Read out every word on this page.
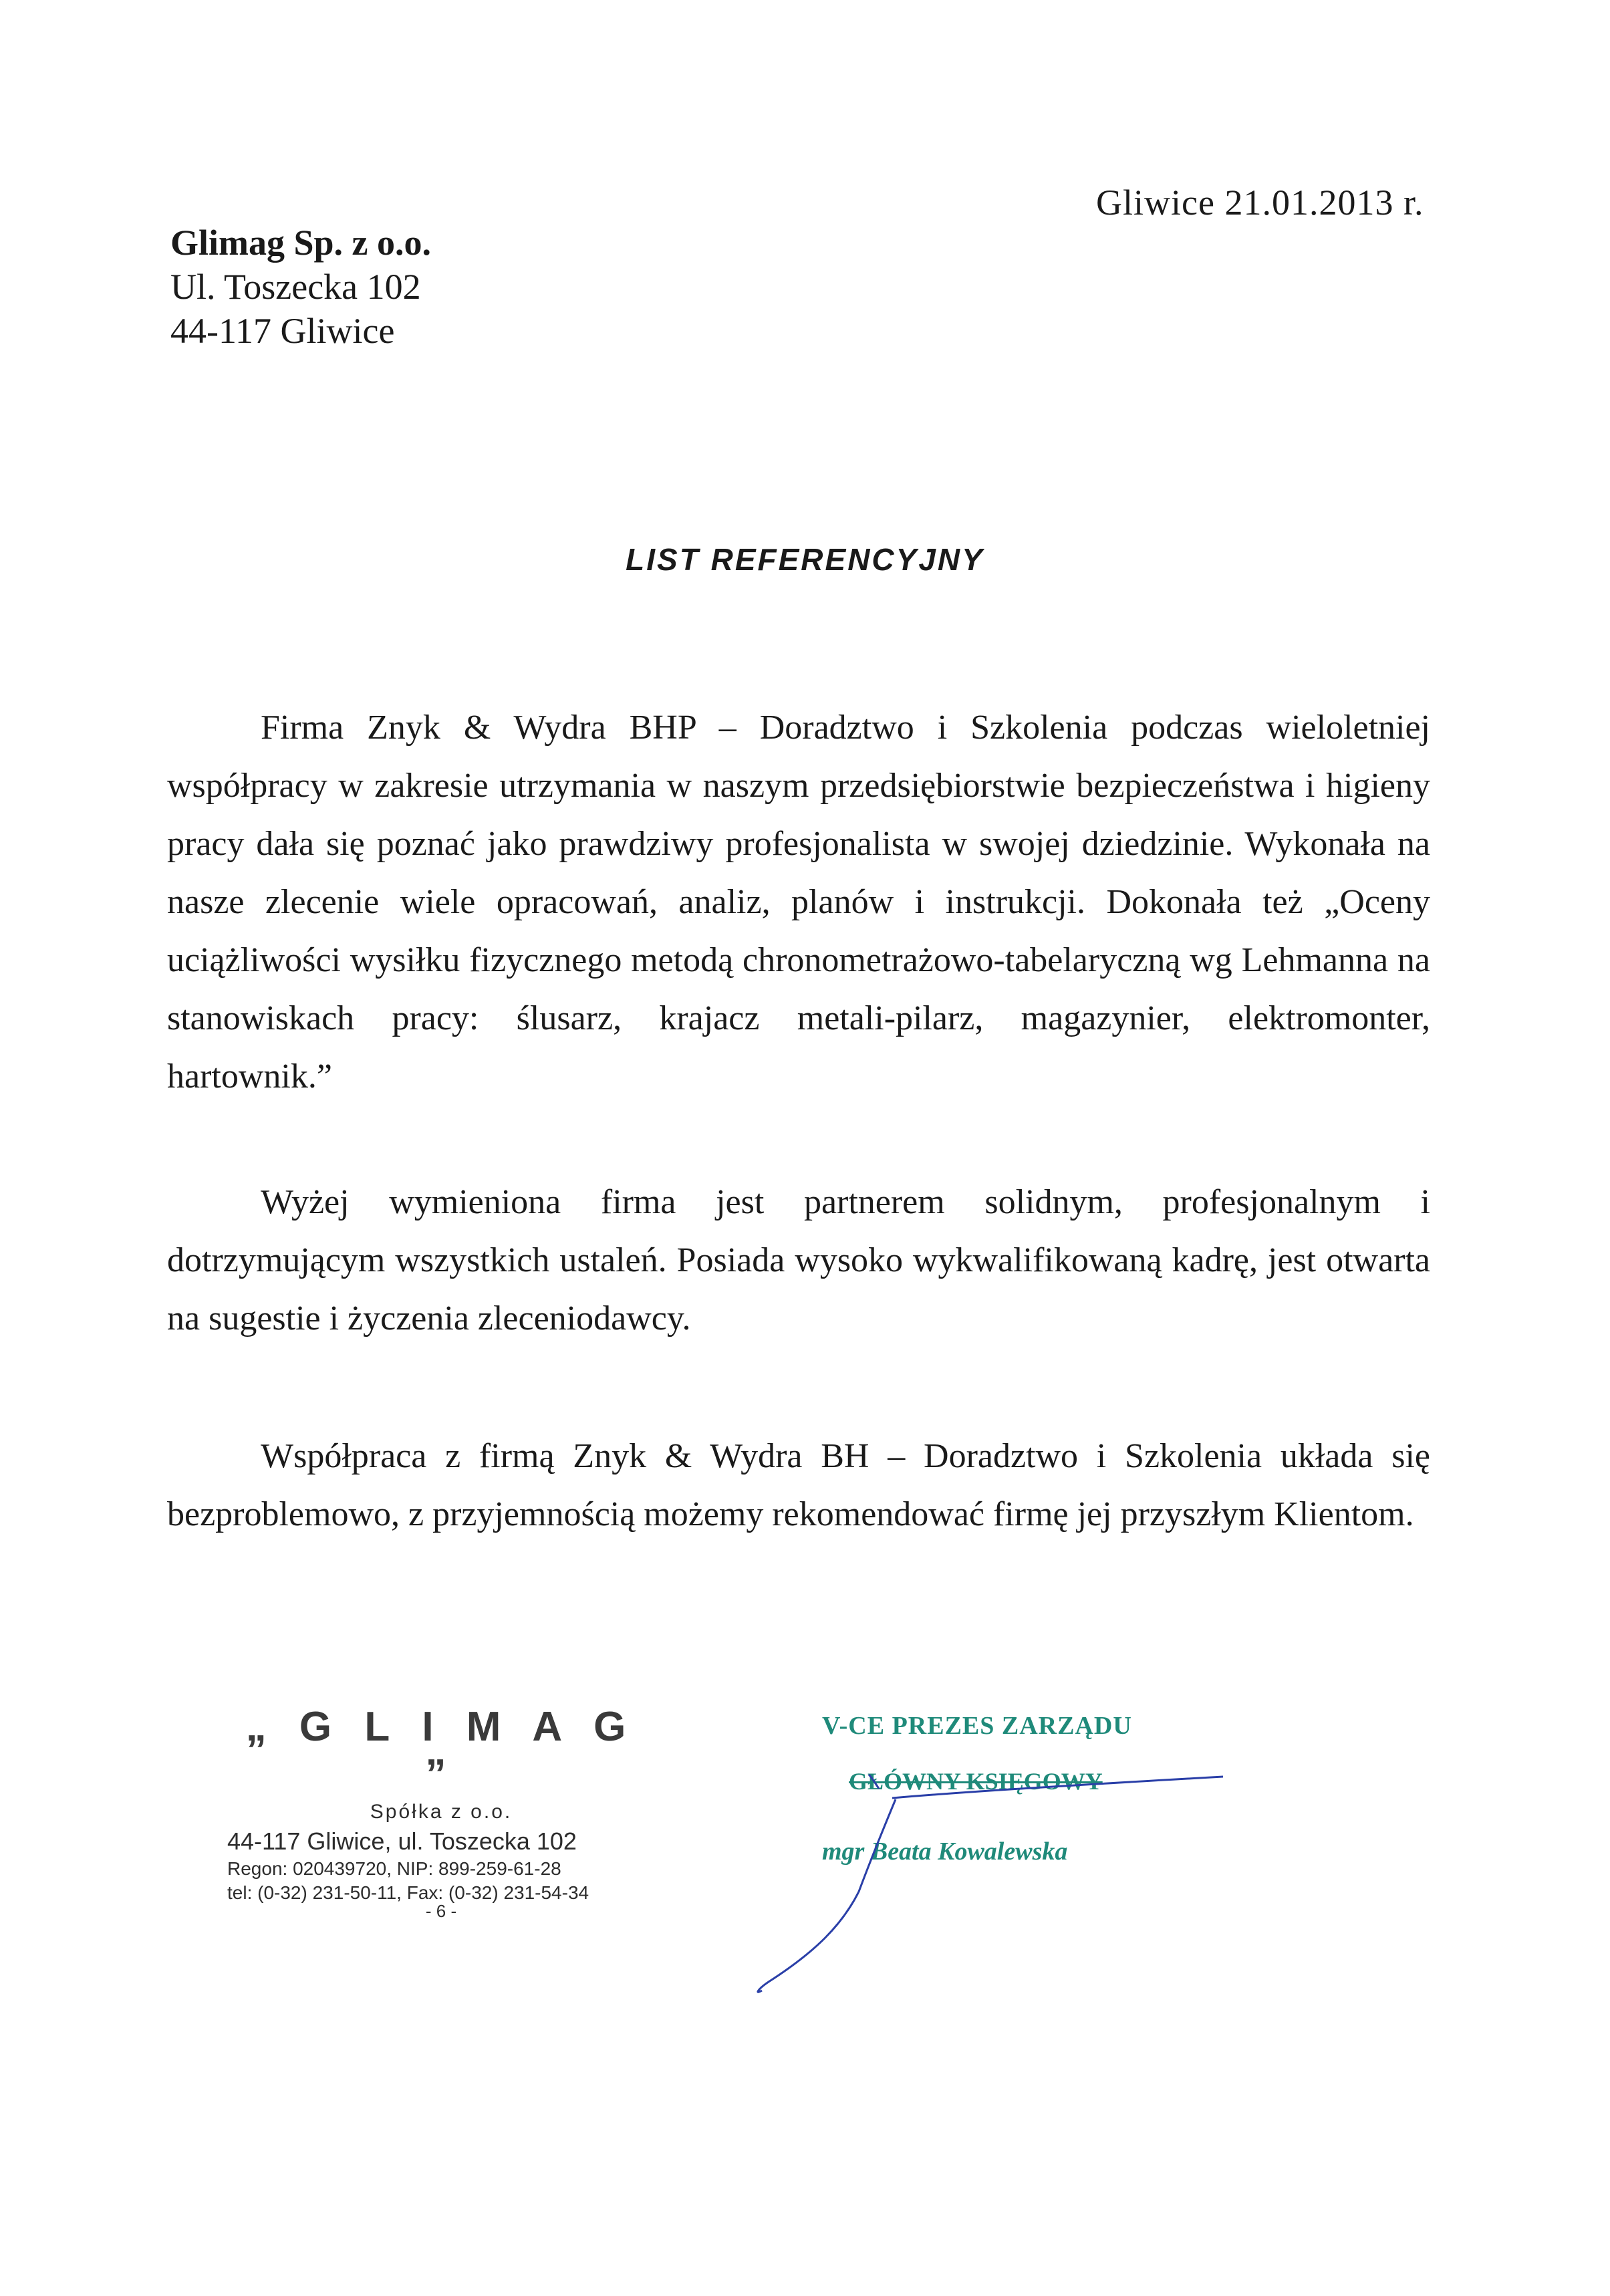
Gliwice 21.01.2013 r.
Glimag Sp. z o.o.
Ul. Toszecka 102
44-117 Gliwice
LIST REFERENCYJNY

Firma Znyk & Wydra BHP – Doradztwo i Szkolenia podczas wieloletniej współpracy w zakresie utrzymania w naszym przedsiębiorstwie bezpieczeństwa i higieny pracy dała się poznać jako prawdziwy profesjonalista w swojej dziedzinie. Wykonała na nasze zlecenie wiele opracowań, analiz, planów i instrukcji. Dokonała też „Oceny uciążliwości wysiłku fizycznego metodą chronometrażowo-tabelaryczną wg Lehmanna na stanowiskach pracy: ślusarz, krajacz metali-pilarz, magazynier, elektromonter, hartownik.”

Wyżej wymieniona firma jest partnerem solidnym, profesjonalnym i dotrzymującym wszystkich ustaleń. Posiada wysoko wykwalifikowaną kadrę, jest otwarta na sugestie i życzenia zleceniodawcy.

Współpraca z firmą Znyk & Wydra BH – Doradztwo i Szkolenia układa się bezproblemowo, z przyjemnością możemy rekomendować firmę jej przyszłym Klientom.

„ G L I M A G ”
Spółka z o.o.
44-117 Gliwice, ul. Toszecka 102
Regon: 020439720, NIP: 899-259-61-28
tel: (0-32) 231-50-11, Fax: (0-32) 231-54-34
- 6 -
V-CE PREZES ZARZĄDU
GŁÓWNY KSIĘGOWY
mgr Beata Kowalewska
